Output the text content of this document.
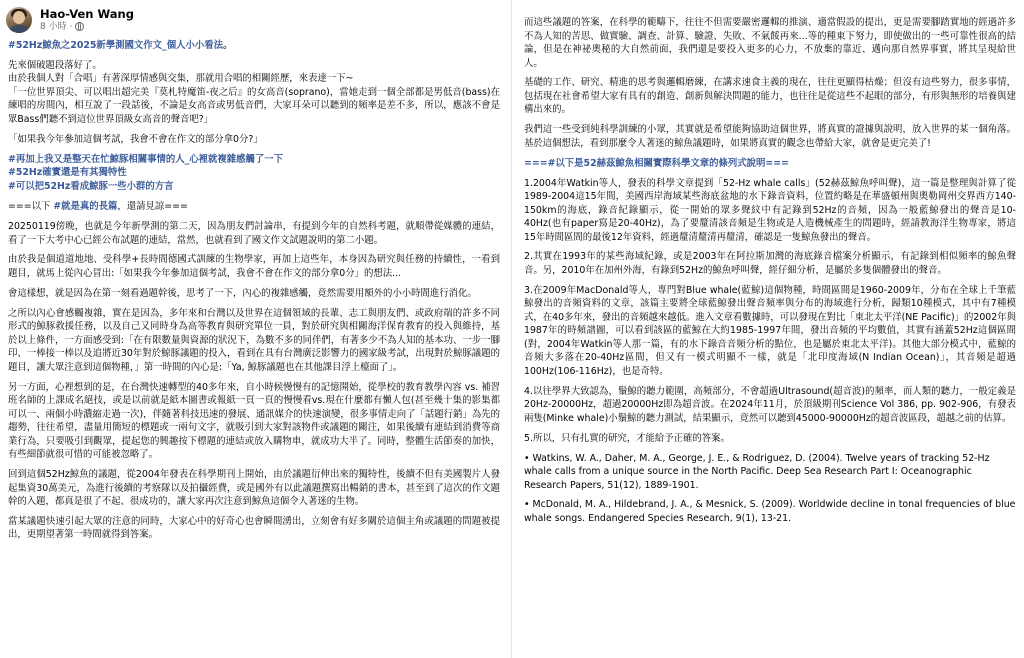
Hao-Ven Wang
8 小時 ·

#52Hz鯨魚之2025新學測國文作文_個人小小看法。

先來個破題段落好了。

由於我個人對「合唱」有著深厚情感與交集，那就用合唱的相關經歷，來表達一下~

「一位世界頂尖、可以唱出超完美『莫札特魔笛-夜之后』的女高音(soprano)，當她走到一個全部都是男低音(bass)在練唱的房間內，相互說了一段話後，不論是女高音或男低音們，大家耳朵可以聽到的頻率是差不多，所以，應該不會是眾Bass們聽不到這位世界頂級女高音的聲音吧?」

「如果我今年參加這個考試，我會不會在作文的部分拿0分?」

#再加上我又是整天在忙鯨豚相關事情的人_心裡就複雜感觸了一下
#52Hz確實還是有其獨特性
#可以把52Hz看成鯨豚一些小群的方言

===以下 #就是真的長篇，還請見諒===

20250119傍晚，也就是今年新學測的第二天，因為朋友們討論串，有提到今年的自然科考題，就順帶從媒體的連結，看了一下大考中心已經公布試題的連結，當然，也就看到了國文作文試題說明的第二小題。

由於我是個道道地地、受科學+長時間德國式訓練的生物學家，再加上這些年，本身因為研究與任務的持續性，一看到題目，就馬上從內心冒出:「如果我今年參加這個考試，我會不會在作文的部分拿0分」的想法...

會這樣想，就是因為在第一刻看過題幹後，思考了一下，內心的複雜感觸，竟然需要用額外的小小時間進行消化。

之所以內心會感觸複雜，實在是因為，多年來和台灣以及世界在這個領域的長輩、志工與朋友們、或政府端的許多不同形式的鯨豚救援任務，以及自己又同時身為高等教育與研究單位一員，對於研究與相關海洋保育教育的投入與維持，基於以上條件，一方面感受到:「在有限數量與資源的狀況下，為數不多的同伴們，有著多少不為人知的基本功、一步一腳印、一棒接一棒以及追將近30年對於鯨豚議題的投入，看到在具有台灣廣泛影響力的國家級考試，出現對於鯨豚議題的題目，讓大眾注意到這個物種，」第一時間的內心是:「Ya, 鯨豚議題也在其他課目浮上檯面了」。

另一方面，心裡想到的是，在台灣快速轉型的40多年來，自小時候慢慢有的記憶開始，從學校的教育教學內容 vs. 補習班名師的上課成名絕技，或是以前就是紙本圖書或報紙一頁一頁的慢慢看vs.現在什麼都有懶人包(甚至幾十集的影集都可以一、兩個小時濃縮走過一次)，伴隨著科技迅速的發展、通訊媒介的快速演變，很多事情走向了「話題行銷」為先的趨勢，往往希望，盡量用簡短的標題或一兩句文字，就吸引到大家對該物件或議題的關注，如果後續有連結到消費等商業行為，只要吸引到觀眾，提起您的興趣按下標題的連結或放入購物車，就成功大半了。同時，整體生活節奏的加快，有些細節就很可惜的可能被忽略了。

回到這個52Hz鯨魚的議題，從2004年發表在科學期刊上開始，由於議題衍伸出來的獨特性，後續不但有美國製片人發起集資30萬美元，為進行後續的考察隊以及拍攝經費，或是國外有以此議題撰寫出暢銷的書本，甚至到了這次的作文題幹的入題，都真是很了不起、很成功的，讓大家再次注意到鯨魚這個令人著迷的生物。

當某議題快速引起大眾的注意的同時，大家心中的好奇心也會瞬間湧出，立刻會有好多關於這個主角或議題的問題被提出，更期望著第一時間就得到答案。

而這些議題的答案，在科學的範疇下，往往不但需要嚴密邏輯的推演、適當假設的提出，更是需要腳踏實地的經過許多不為人知的苦思、做實驗、調查、計算、驗證、失敗、不氣餒再來...等的種東下努力，即使做出的一些可靠性很高的結論，但是在神祕奧秘的大自然前面，我們還是要投入更多的心力，不放棄的靠近、邁向那自然界事實，將其呈現給世人。

基礎的工作、研究、精進的思考與邏輯磨練，在講求速食主義的現在，往往更顯得枯燥；但沒有這些努力，很多事情，包括現在社會希望大家有具有的創造、創新與解決問題的能力，也往往是從這些不起眼的部分，有形與無形的培養與建構出來的。

我們這一些受到純科學訓練的小眾，其實就是希望能夠協助這個世界，將真實的證據與說明，放入世界的某一個角落。基於這個想法，看到那麼令人著迷的鯨魚議題時，如果將真實的觀念也帶給大家，就會是更完美了!

===#以下是52赫茲鯨魚相關實際科學文章的條列式說明===

1.2004年Watkin等人，發表的科學文章提到「52-Hz whale calls」(52赫茲鯨魚呼叫聲)，這一篇是整理與計算了從1989-2004這15年間，美國西岸海域某些海底盆地的水下錄音資料，位置約略是在華盛頓州與奧勒岡州交界西方140-150km的海底，錄音紀錄顯示，從一開始的眾多聲紋中有記錄到52Hz的音頻，因為一般藍鯨發出的聲音是10-40Hz(也有paper寫是20-40Hz)，為了要釐清該音頻是生物或是人造機械產生的問題時，經請教海洋生物專家，將這15年時間區間的最後12年資料，經過釐清釐清再釐清，確認是一隻鯨魚發出的聲音。

2.其實在1993年的某些海域紀錄，或是2003年在阿拉斯加灣的海底錄音檔案分析顯示，有記錄到相似頻率的鯨魚聲音。另，2010年在加州外海，有錄到52Hz的鯨魚呼叫聲，經仔細分析，是屬於多隻個體發出的聲音。

3.在2009年MacDonald等人，專門對Blue whale(藍鯨)這個物種，時間區間是1960-2009年，分布在全球上千筆藍鯨發出的音頻資料的文章，該篇主要將全球藍鯨發出聲音頻率與分布的海域進行分析，歸類10種模式，其中有7種模式，在40多年來，發出的音頻越來越低。進入文章看數據時，可以發現在對比「東北太平洋(NE Pacific)」的2002年與1987年的時頻譜圖，可以看到該區的藍鯨在大約1985-1997年間，發出音頻的平均數值，其實有涵蓋52Hz這個區間(對，2004年Watkin等人那一篇，有的水下錄音音頻分析的點位，也是屬於東北太平洋)。其他大部分模式中，藍鯨的音頻大多落在20-40Hz區間，但又有一模式明顯不一樣，就是「北印度海域(N Indian Ocean)」，其音頻是超過100Hz(106-116Hz)，也是奇特。

4.以往學界大致認為，鬚鯨的聽力範圍，高頻部分，不會超過Ultrasound(超音波)的頻率，而人類的聽力，一般定義是20Hz-20000Hz，超過20000Hz即為超音波。在2024年11月，於頂級期刊Science Vol 386, pp. 902-906，有發表兩隻(Minke whale)小鬚鯨的聽力測試，結果顯示，竟然可以聽到45000-90000Hz的超音波區段，超越之前的估算。

5.所以，只有扎實的研究，才能給予正確的答案。

• Watkins, W. A., Daher, M. A., George, J. E., & Rodriguez, D. (2004). Twelve years of tracking 52-Hz whale calls from a unique source in the North Pacific. Deep Sea Research Part I: Oceanographic Research Papers, 51(12), 1889-1901.
• McDonald, M. A., Hildebrand, J. A., & Mesnick, S. (2009). Worldwide decline in tonal frequencies of blue whale songs. Endangered Species Research, 9(1), 13-21.
